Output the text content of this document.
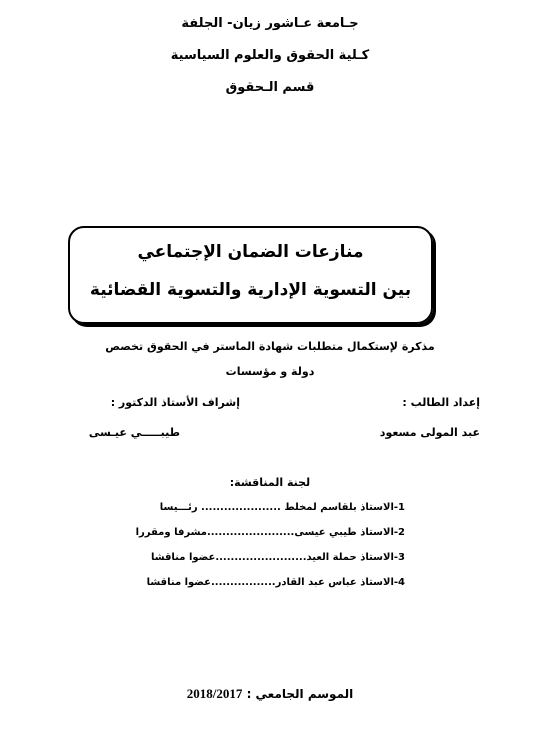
جـامعة عـاشور زيان- الجلفة
كـلية الحقوق والعلوم السياسية
قسم الـحقوق
منازعات الضمان الإجتماعي
بين التسوية الإدارية والتسوية القضائية
مذكرة لإستكمال متطلبات شهادة الماستر في الحقوق تخصص
دولة و مؤسسات
إعداد الطالب :
إشراف الأستاذ الدكتور :
عبد المولى مسعود
طيبـــــي عيـسى
لجنة المناقشة:
1-الاستاذ بلقاسم لمخلط ..................... رئـــيسا
2-الاستاذ طيبي عيسى.......................مشرفا ومقررا
3-الاستاذ حملة العيد........................عضوا مناقشا
4-الاستاذ عباس عبد القادر.................عضوا مناقشا
الموسم الجامعي : 2018/2017
